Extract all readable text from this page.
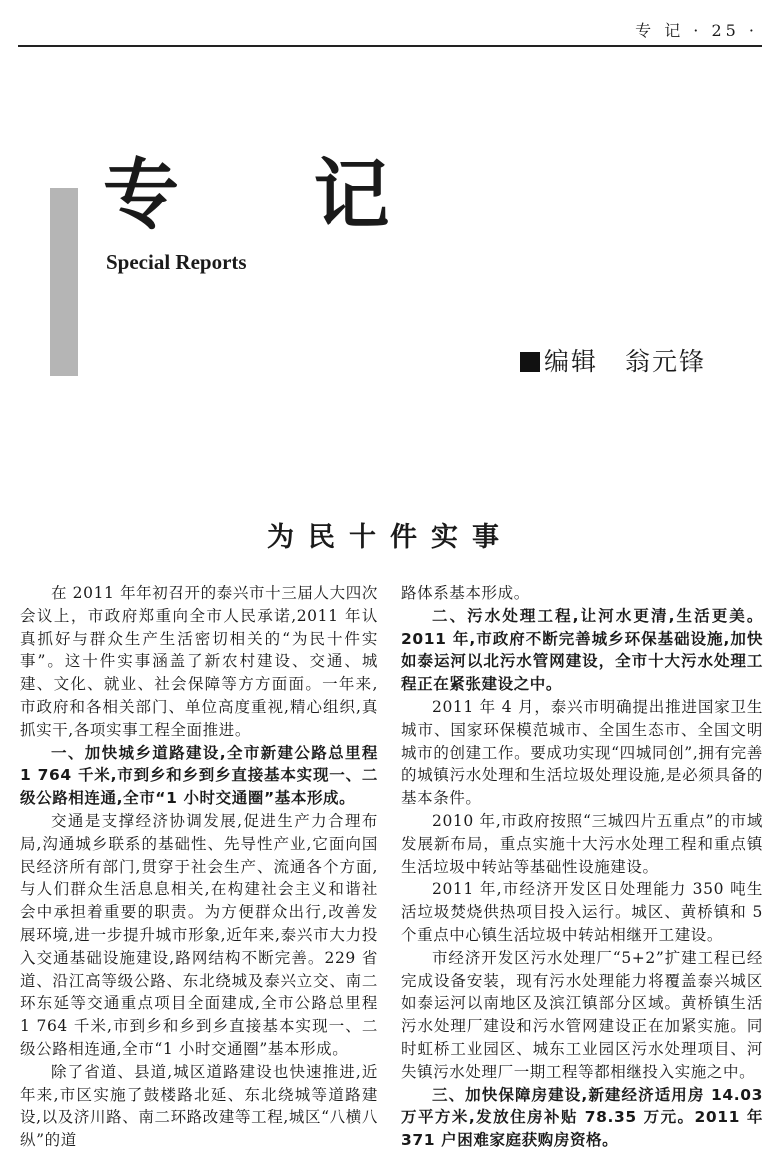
专 记 · 25 ·
专 记
Special Reports
编辑　翁元锋
为民十件实事

在 2011 年年初召开的泰兴市十三届人大四次会议上，市政府郑重向全市人民承诺,2011 年认真抓好与群众生产生活密切相关的“为民十件实事”。这十件实事涵盖了新农村建设、交通、城建、文化、就业、社会保障等方方面面。一年来,市政府和各相关部门、单位高度重视,精心组织,真抓实干,各项实事工程全面推进。

一、加快城乡道路建设,全市新建公路总里程 1 764 千米,市到乡和乡到乡直接基本实现一、二级公路相连通,全市“1 小时交通圈”基本形成。

交通是支撑经济协调发展,促进生产力合理布局,沟通城乡联系的基础性、先导性产业,它面向国民经济所有部门,贯穿于社会生产、流通各个方面,与人们群众生活息息相关,在构建社会主义和谐社会中承担着重要的职责。为方便群众出行,改善发展环境,进一步提升城市形象,近年来,泰兴市大力投入交通基础设施建设,路网结构不断完善。229 省道、沿江高等级公路、东北绕城及泰兴立交、南二环东延等交通重点项目全面建成,全市公路总里程 1 764 千米,市到乡和乡到乡直接基本实现一、二级公路相连通,全市“1 小时交通圈”基本形成。

除了省道、县道,城区道路建设也快速推进,近年来,市区实施了鼓楼路北延、东北绕城等道路建设,以及济川路、南二环路改建等工程,城区“八横八纵”的道

路体系基本形成。

二、污水处理工程,让河水更清,生活更美。2011 年,市政府不断完善城乡环保基础设施,加快如泰运河以北污水管网建设，全市十大污水处理工程正在紧张建设之中。

2011 年 4 月，泰兴市明确提出推进国家卫生城市、国家环保模范城市、全国生态市、全国文明城市的创建工作。要成功实现“四城同创”,拥有完善的城镇污水处理和生活垃圾处理设施,是必须具备的基本条件。

2010 年,市政府按照“三城四片五重点”的市域发展新布局，重点实施十大污水处理工程和重点镇生活垃圾中转站等基础性设施建设。

2011 年,市经济开发区日处理能力 350 吨生活垃圾焚烧供热项目投入运行。城区、黄桥镇和 5 个重点中心镇生活垃圾中转站相继开工建设。

市经济开发区污水处理厂“5+2”扩建工程已经完成设备安装，现有污水处理能力将覆盖泰兴城区如泰运河以南地区及滨江镇部分区域。黄桥镇生活污水处理厂建设和污水管网建设正在加紧实施。同时虹桥工业园区、城东工业园区污水处理项目、河失镇污水处理厂一期工程等都相继投入实施之中。

三、加快保障房建设,新建经济适用房 14.03 万平方米,发放住房补贴 78.35 万元。2011 年 371 户困难家庭获购房资格。
